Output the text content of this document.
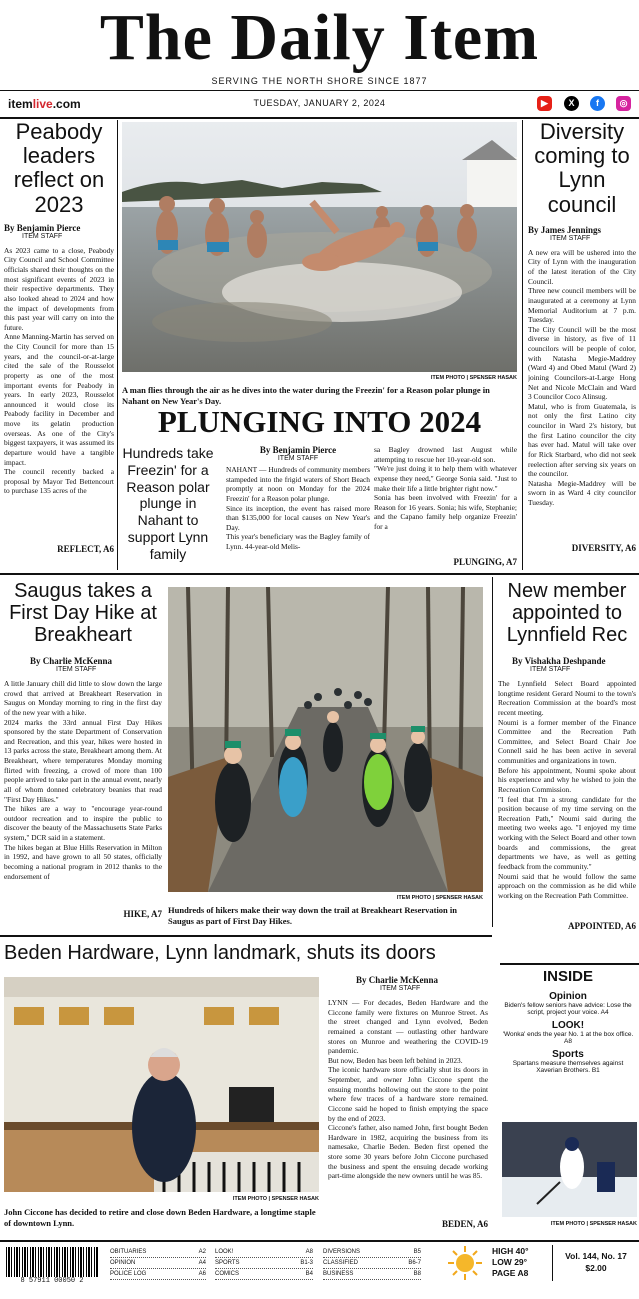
The Daily Item
SERVING THE NORTH SHORE SINCE 1877
itemlive.com	TUESDAY, JANUARY 2, 2024	▶	X	f	◎
Peabody leaders reflect on 2023
By Benjamin Pierce
ITEM STAFF
As 2023 came to a close, Peabody City Council and School Committee officials shared their thoughts on the most significant events of 2023 in their respective departments. They also looked ahead to 2024 and how the impact of developments from this past year will carry on into the future.
Anne Manning-Martin has served on the City Council for more than 15 years, and the council-or-at-large cited the sale of the Rousselot property as one of the most important events for Peabody in years. In early 2023, Rousselot announced it would close its Peabody facility in December and move its gelatin production overseas. As one of the City's biggest taxpayers, it was assumed its departure would have a tangible impact.
The council recently backed a proposal by Mayor Ted Bettencourt to purchase 135 acres of the
REFLECT, A6
ITEM PHOTO | SPENSER HASAK
A man flies through the air as he dives into the water during the Freezin' for a Reason polar plunge in Nahant on New Year's Day.
PLUNGING INTO 2024
Hundreds take Freezin' for a Reason polar plunge in Nahant to support Lynn family
By Benjamin Pierce
ITEM STAFF
NAHANT — Hundreds of community members stampeded into the frigid waters of Short Beach promptly at noon on Monday for the 2024 Freezin' for a Reason polar plunge.
Since its inception, the event has raised more than $135,000 for local causes on New Year's Day.
This year's beneficiary was the Bagley family of Lynn. 44-year-old Melis-
sa Bagley drowned last August while attempting to rescue her 10-year-old son.
"We're just doing it to help them with whatever expense they need," George Sonia said. "Just to make their life a little brighter right now."
Sonia has been involved with Freezin' for a Reason for 16 years. Sonia; his wife, Stephanie; and the Capano family help organize Freezin' for a
PLUNGING, A7
Diversity coming to Lynn council
By James Jennings
ITEM STAFF
A new era will be ushered into the City of Lynn with the inauguration of the latest iteration of the City Council.
Three new council members will be inaugurated at a ceremony at Lynn Memorial Auditorium at 7 p.m. Tuesday.
The City Council will be the most diverse in history, as five of 11 councilors will be people of color, with Natasha Megie-Maddrey (Ward 4) and Obed Matul (Ward 2) joining Councilors-at-Large Hong Net and Nicole McClain and Ward 3 Councilor Coco Alinsug.
Matul, who is from Guatemala, is not only the first Latino city councilor in Ward 2's history, but the first Latino councilor the city has ever had. Matul will take over for Rick Starbard, who did not seek reelection after serving six years on the councilor.
Natasha Megie-Maddrey will be sworn in as Ward 4 city councilor Tuesday.
DIVERSITY, A6
Saugus takes a First Day Hike at Breakheart
By Charlie McKenna
ITEM STAFF
A little January chill did little to slow down the large crowd that arrived at Breakheart Reservation in Saugus on Monday morning to ring in the first day of the new year with a hike.
2024 marks the 33rd annual First Day Hikes sponsored by the state Department of Conservation and Recreation, and this year, hikes were hosted in 13 parks across the state, Breakheart among them. At Breakheart, where temperatures Monday morning flirted with freezing, a crowd of more than 100 people arrived to take part in the annual event, nearly all of whom donned celebratory beanies that read "First Day Hikes."
The hikes are a way to "encourage year-round outdoor recreation and to inspire the public to discover the beauty of the Massachusetts State Parks system," DCR said in a statement.
The hikes began at Blue Hills Reservation in Milton in 1992, and have grown to all 50 states, officially becoming a national program in 2012 thanks to the endorsement of
HIKE, A7
ITEM PHOTO | SPENSER HASAK
Hundreds of hikers make their way down the trail at Breakheart Reservation in Saugus as part of First Day Hikes.
New member appointed to Lynnfield Rec
By Vishakha Deshpande
ITEM STAFF
The Lynnfield Select Board appointed longtime resident Gerard Noumi to the town's Recreation Commission at the board's most recent meeting.
Noumi is a former member of the Finance Committee and the Recreation Path Committee, and Select Board Chair Joe Connell said he has been active in several communities and organizations in town.
Before his appointment, Noumi spoke about his experience and why he wished to join the Recreation Commission.
"I feel that I'm a strong candidate for the position because of my time serving on the Recreation Path," Noumi said during the meeting two weeks ago. "I enjoyed my time working with the Select Board and other town boards and commissions, the great departments we have, as well as getting feedback from the community."
Noumi said that he would follow the same approach on the commission as he did while working on the Recreation Path Committee.
APPOINTED, A6
Beden Hardware, Lynn landmark, shuts its doors
ITEM PHOTO | SPENSER HASAK
John Ciccone has decided to retire and close down Beden Hardware, a longtime staple of downtown Lynn.
By Charlie McKenna
ITEM STAFF
LYNN — For decades, Beden Hardware and the Ciccone family were fixtures on Munroe Street. As the street changed and Lynn evolved, Beden remained a constant — outlasting other hardware stores on Munroe and weathering the COVID-19 pandemic.
But now, Beden has been left behind in 2023.
The iconic hardware store officially shut its doors in September, and owner John Ciccone spent the ensuing months hollowing out the store to the point where few traces of a hardware store remained. Ciccone said he hoped to finish emptying the space by the end of 2023.
Ciccone's father, also named John, first bought Beden Hardware in 1982, acquiring the business from its namesake, Charlie Beden. Beden first opened the store some 30 years before John Ciccone purchased the business and spent the ensuing decade working part-time alongside the new owners until he was 85.
BEDEN, A6
INSIDE
Opinion
Biden's fellow seniors have advice: Lose the script, project your voice. A4
LOOK!
'Wonka' ends the year No. 1 at the box office. A8
Sports
Spartans measure themselves against Xaverian Brothers. B1
ITEM PHOTO | SPENSER HASAK
8 57911 00050 2
OBITUARIES	A2
OPINION	A4
POLICE LOG	A6
LOOK!	A8
SPORTS	B1-3
COMICS	B4
DIVERSIONS	B5
CLASSIFIED	B6-7
BUSINESS	B8
HIGH 40°
LOW 29°
PAGE A8
Vol. 144, No. 17
$2.00
